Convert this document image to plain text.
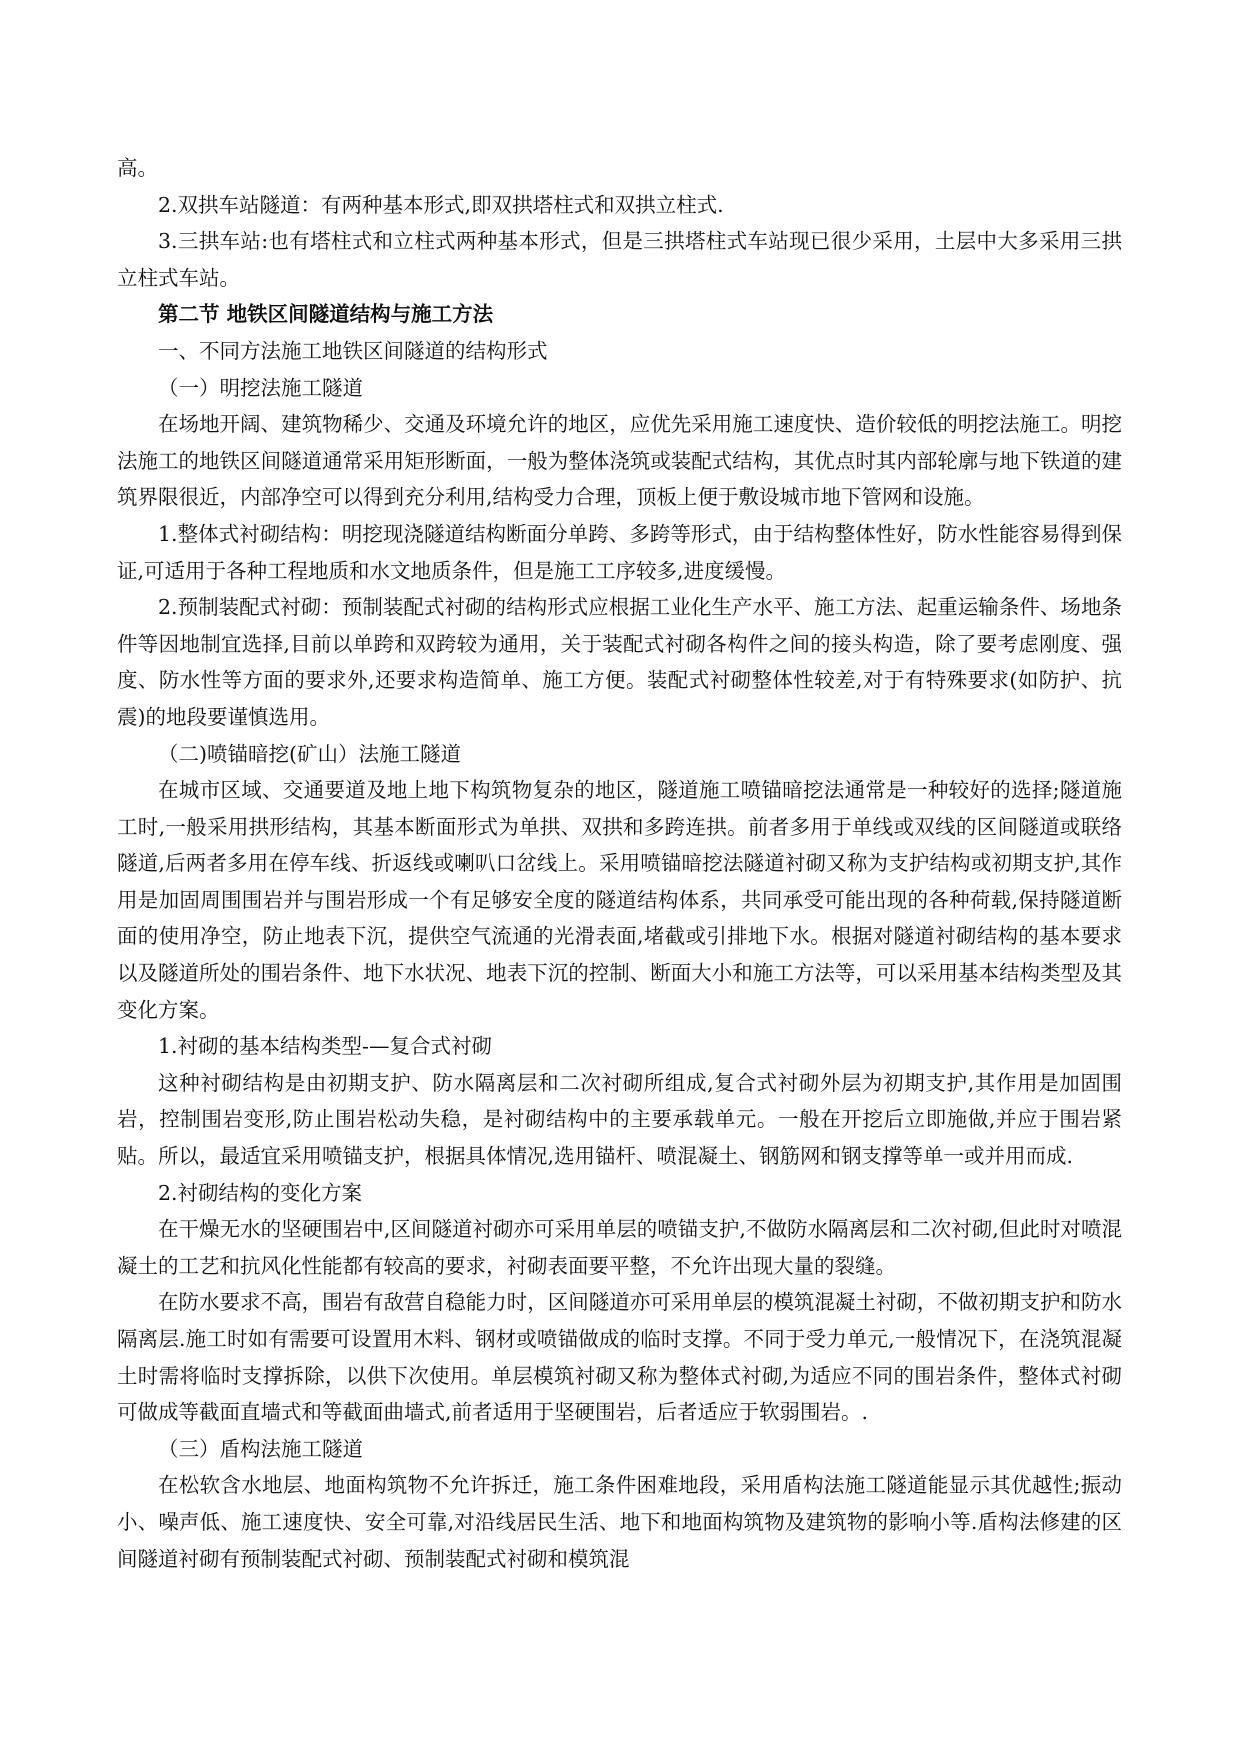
高。

2.双拱车站隧道：有两种基本形式,即双拱塔柱式和双拱立柱式.

3.三拱车站:也有塔柱式和立柱式两种基本形式，但是三拱塔柱式车站现已很少采用，土层中大多采用三拱立柱式车站。

第二节 地铁区间隧道结构与施工方法

一、不同方法施工地铁区间隧道的结构形式

（一）明挖法施工隧道

在场地开阔、建筑物稀少、交通及环境允许的地区，应优先采用施工速度快、造价较低的明挖法施工。明挖法施工的地铁区间隧道通常采用矩形断面，一般为整体浇筑或装配式结构，其优点时其内部轮廓与地下铁道的建筑界限很近，内部净空可以得到充分利用,结构受力合理，顶板上便于敷设城市地下管网和设施。

1.整体式衬砌结构：明挖现浇隧道结构断面分单跨、多跨等形式，由于结构整体性好，防水性能容易得到保证,可适用于各种工程地质和水文地质条件，但是施工工序较多,进度缓慢。

2.预制装配式衬砌：预制装配式衬砌的结构形式应根据工业化生产水平、施工方法、起重运输条件、场地条件等因地制宜选择,目前以单跨和双跨较为通用，关于装配式衬砌各构件之间的接头构造，除了要考虑刚度、强度、防水性等方面的要求外,还要求构造简单、施工方便。装配式衬砌整体性较差,对于有特殊要求(如防护、抗震)的地段要谨慎选用。

（二)喷锚暗挖(矿山）法施工隧道

在城市区域、交通要道及地上地下构筑物复杂的地区，隧道施工喷锚暗挖法通常是一种较好的选择;隧道施工时,一般采用拱形结构，其基本断面形式为单拱、双拱和多跨连拱。前者多用于单线或双线的区间隧道或联络隧道,后两者多用在停车线、折返线或喇叭口岔线上。采用喷锚暗挖法隧道衬砌又称为支护结构或初期支护,其作用是加固周围围岩并与围岩形成一个有足够安全度的隧道结构体系，共同承受可能出现的各种荷载,保持隧道断面的使用净空，防止地表下沉，提供空气流通的光滑表面,堵截或引排地下水。根据对隧道衬砌结构的基本要求以及隧道所处的围岩条件、地下水状况、地表下沉的控制、断面大小和施工方法等，可以采用基本结构类型及其变化方案。

1.衬砌的基本结构类型-—复合式衬砌

这种衬砌结构是由初期支护、防水隔离层和二次衬砌所组成,复合式衬砌外层为初期支护,其作用是加固围岩，控制围岩变形,防止围岩松动失稳，是衬砌结构中的主要承载单元。一般在开挖后立即施做,并应于围岩紧贴。所以，最适宜采用喷锚支护，根据具体情况,选用锚杆、喷混凝土、钢筋网和钢支撑等单一或并用而成.

2.衬砌结构的变化方案

在干燥无水的坚硬围岩中,区间隧道衬砌亦可采用单层的喷锚支护,不做防水隔离层和二次衬砌,但此时对喷混凝土的工艺和抗风化性能都有较高的要求，衬砌表面要平整，不允许出现大量的裂缝。

在防水要求不高，围岩有敌营自稳能力时，区间隧道亦可采用单层的模筑混凝土衬砌，不做初期支护和防水隔离层.施工时如有需要可设置用木料、钢材或喷锚做成的临时支撑。不同于受力单元,一般情况下，在浇筑混凝土时需将临时支撑拆除，以供下次使用。单层模筑衬砌又称为整体式衬砌,为适应不同的围岩条件，整体式衬砌可做成等截面直墙式和等截面曲墙式,前者适用于坚硬围岩，后者适应于软弱围岩。.

（三）盾构法施工隧道

在松软含水地层、地面构筑物不允许拆迁，施工条件困难地段，采用盾构法施工隧道能显示其优越性;振动小、噪声低、施工速度快、安全可靠,对沿线居民生活、地下和地面构筑物及建筑物的影响小等.盾构法修建的区间隧道衬砌有预制装配式衬砌、预制装配式衬砌和模筑混
